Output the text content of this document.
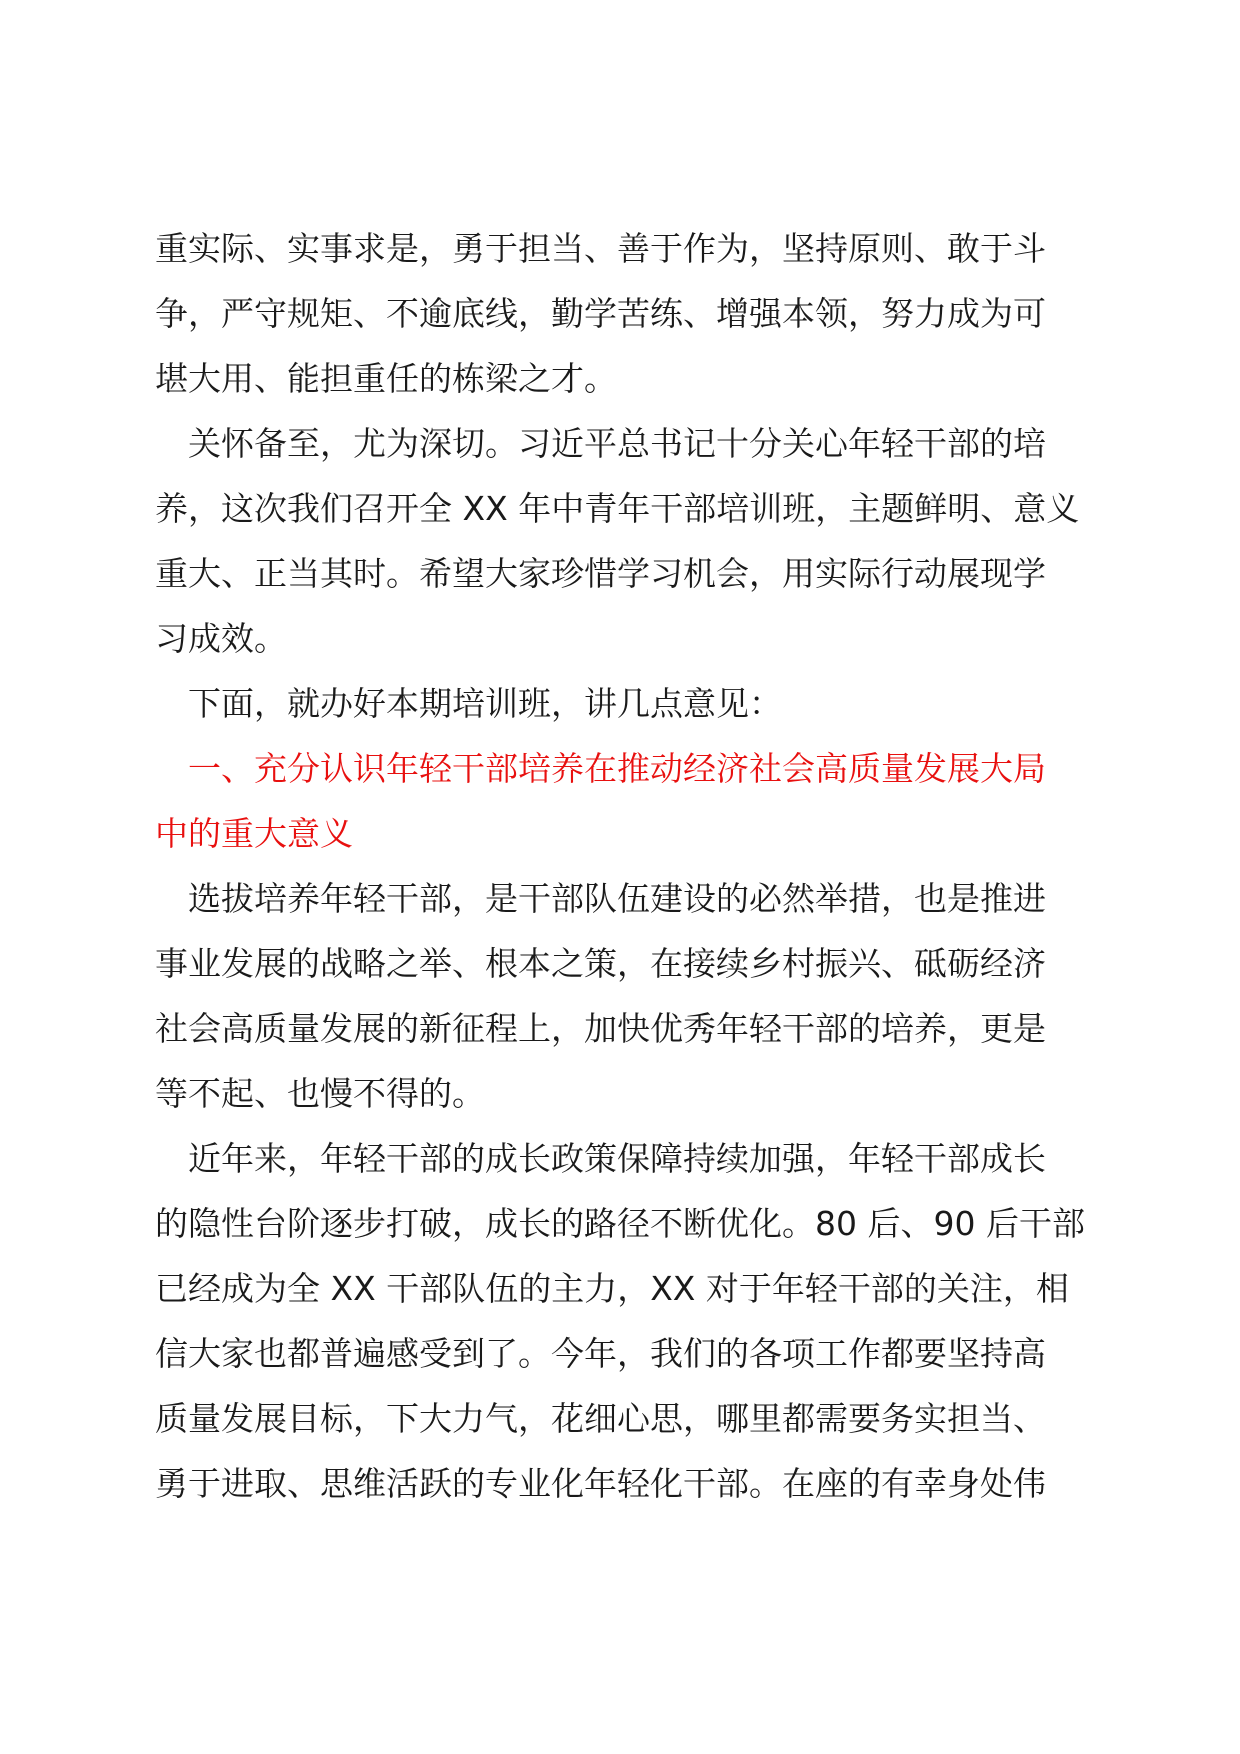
重实际、实事求是，勇于担当、善于作为，坚持原则、敢于斗
争，严守规矩、不逾底线，勤学苦练、增强本领，努力成为可
堪大用、能担重任的栋梁之才。
关怀备至，尤为深切。习近平总书记十分关心年轻干部的培
养，这次我们召开全 XX 年中青年干部培训班，主题鲜明、意义
重大、正当其时。希望大家珍惜学习机会，用实际行动展现学
习成效。
下面，就办好本期培训班，讲几点意见：
一、充分认识年轻干部培养在推动经济社会高质量发展大局
中的重大意义
选拔培养年轻干部，是干部队伍建设的必然举措，也是推进
事业发展的战略之举、根本之策，在接续乡村振兴、砥砺经济
社会高质量发展的新征程上，加快优秀年轻干部的培养，更是
等不起、也慢不得的。
近年来，年轻干部的成长政策保障持续加强，年轻干部成长
的隐性台阶逐步打破，成长的路径不断优化。80 后、90 后干部
已经成为全 XX 干部队伍的主力，XX 对于年轻干部的关注，相
信大家也都普遍感受到了。今年，我们的各项工作都要坚持高
质量发展目标，下大力气，花细心思，哪里都需要务实担当、
勇于进取、思维活跃的专业化年轻化干部。在座的有幸身处伟
